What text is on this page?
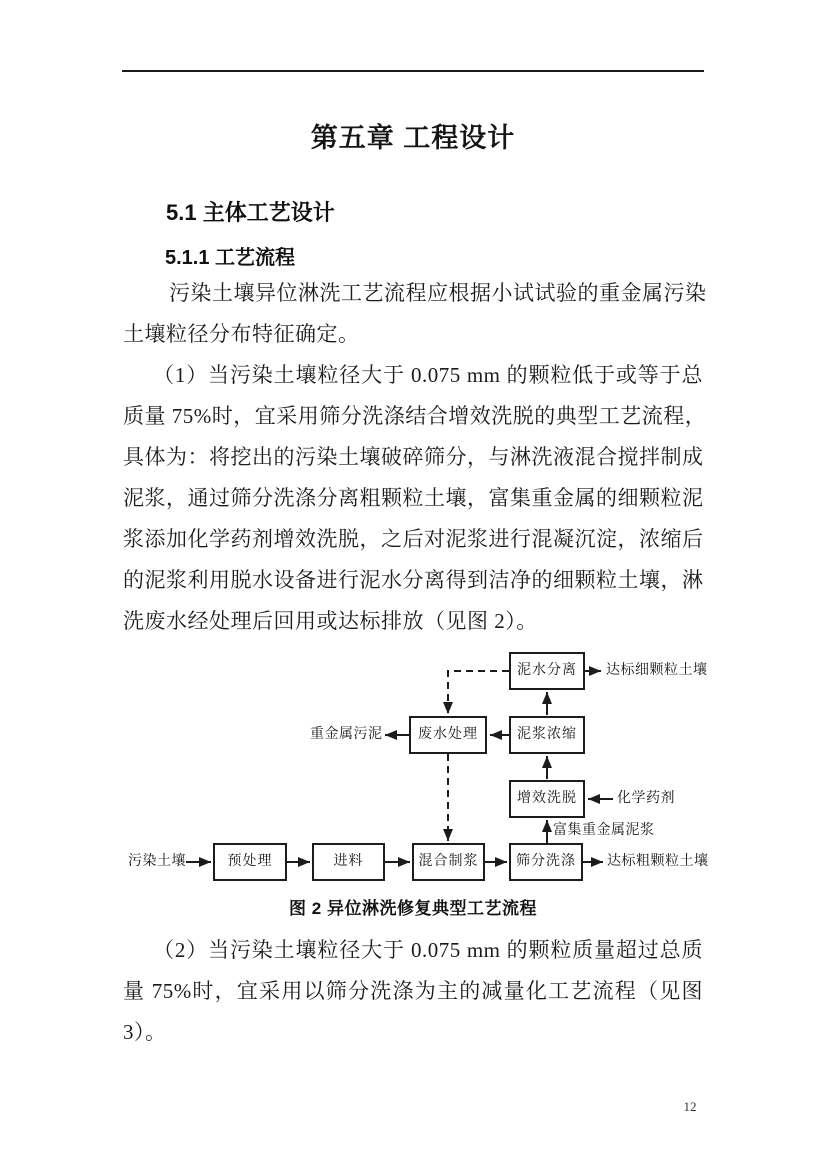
第五章 工程设计
5.1 主体工艺设计
5.1.1 工艺流程
污染土壤异位淋洗工艺流程应根据小试试验的重金属污染
土壤粒径分布特征确定。
（1）当污染土壤粒径大于 0.075 mm 的颗粒低于或等于总
质量 75%时，宜采用筛分洗涤结合增效洗脱的典型工艺流程，
具体为：将挖出的污染土壤破碎筛分，与淋洗液混合搅拌制成
泥浆，通过筛分洗涤分离粗颗粒土壤，富集重金属的细颗粒泥
浆添加化学药剂增效洗脱，之后对泥浆进行混凝沉淀，浓缩后
的泥浆利用脱水设备进行泥水分离得到洁净的细颗粒土壤，淋
洗废水经处理后回用或达标排放（见图 2）。
泥水分离
废水处理	泥浆浓缩
增效洗脱
预处理	进料	混合制浆	筛分洗涤
污染土壤
达标细颗粒土壤
达标粗颗粒土壤
重金属污泥
化学药剂
富集重金属泥浆
图 2 异位淋洗修复典型工艺流程
（2）当污染土壤粒径大于 0.075 mm 的颗粒质量超过总质
量 75%时，宜采用以筛分洗涤为主的减量化工艺流程（见图
3）。
12
